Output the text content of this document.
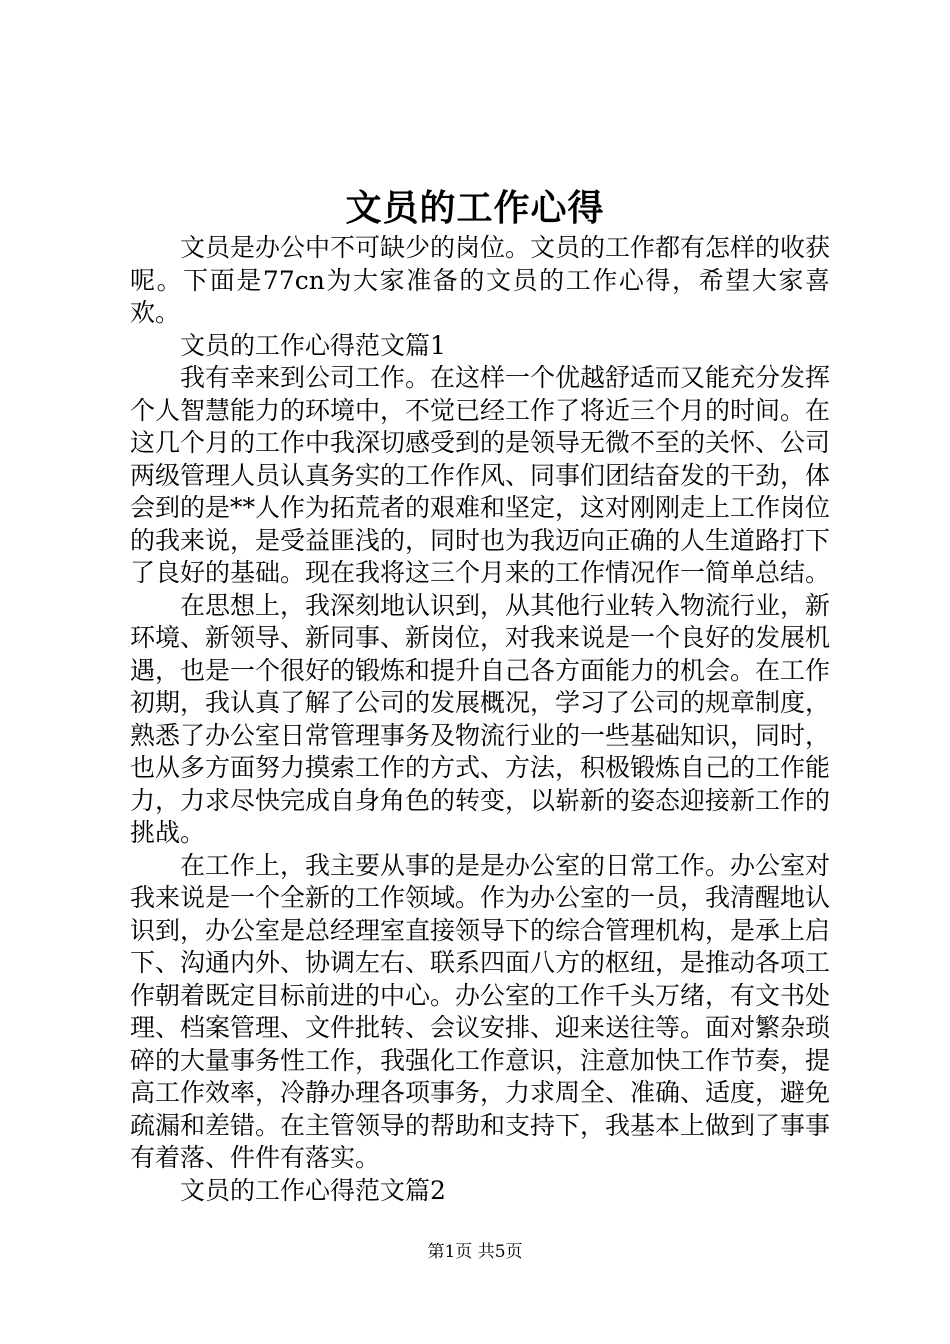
文员的工作心得

文员是办公中不可缺少的岗位。文员的工作都有怎样的收获呢。下面是77cn为大家准备的文员的工作心得，希望大家喜欢。

文员的工作心得范文篇1

我有幸来到公司工作。在这样一个优越舒适而又能充分发挥个人智慧能力的环境中，不觉已经工作了将近三个月的时间。在这几个月的工作中我深切感受到的是领导无微不至的关怀、公司两级管理人员认真务实的工作作风、同事们团结奋发的干劲，体会到的是**人作为拓荒者的艰难和坚定，这对刚刚走上工作岗位的我来说，是受益匪浅的，同时也为我迈向正确的人生道路打下了良好的基础。现在我将这三个月来的工作情况作一简单总结。

在思想上，我深刻地认识到，从其他行业转入物流行业，新环境、新领导、新同事、新岗位，对我来说是一个良好的发展机遇，也是一个很好的锻炼和提升自己各方面能力的机会。在工作初期，我认真了解了公司的发展概况，学习了公司的规章制度，熟悉了办公室日常管理事务及物流行业的一些基础知识，同时，也从多方面努力摸索工作的方式、方法，积极锻炼自己的工作能力，力求尽快完成自身角色的转变，以崭新的姿态迎接新工作的挑战。

在工作上，我主要从事的是是办公室的日常工作。办公室对我来说是一个全新的工作领域。作为办公室的一员，我清醒地认识到，办公室是总经理室直接领导下的综合管理机构，是承上启下、沟通内外、协调左右、联系四面八方的枢纽，是推动各项工作朝着既定目标前进的中心。办公室的工作千头万绪，有文书处理、档案管理、文件批转、会议安排、迎来送往等。面对繁杂琐碎的大量事务性工作，我强化工作意识，注意加快工作节奏，提高工作效率，冷静办理各项事务，力求周全、准确、适度，避免疏漏和差错。在主管领导的帮助和支持下，我基本上做到了事事有着落、件件有落实。

文员的工作心得范文篇2

第1页 共5页
